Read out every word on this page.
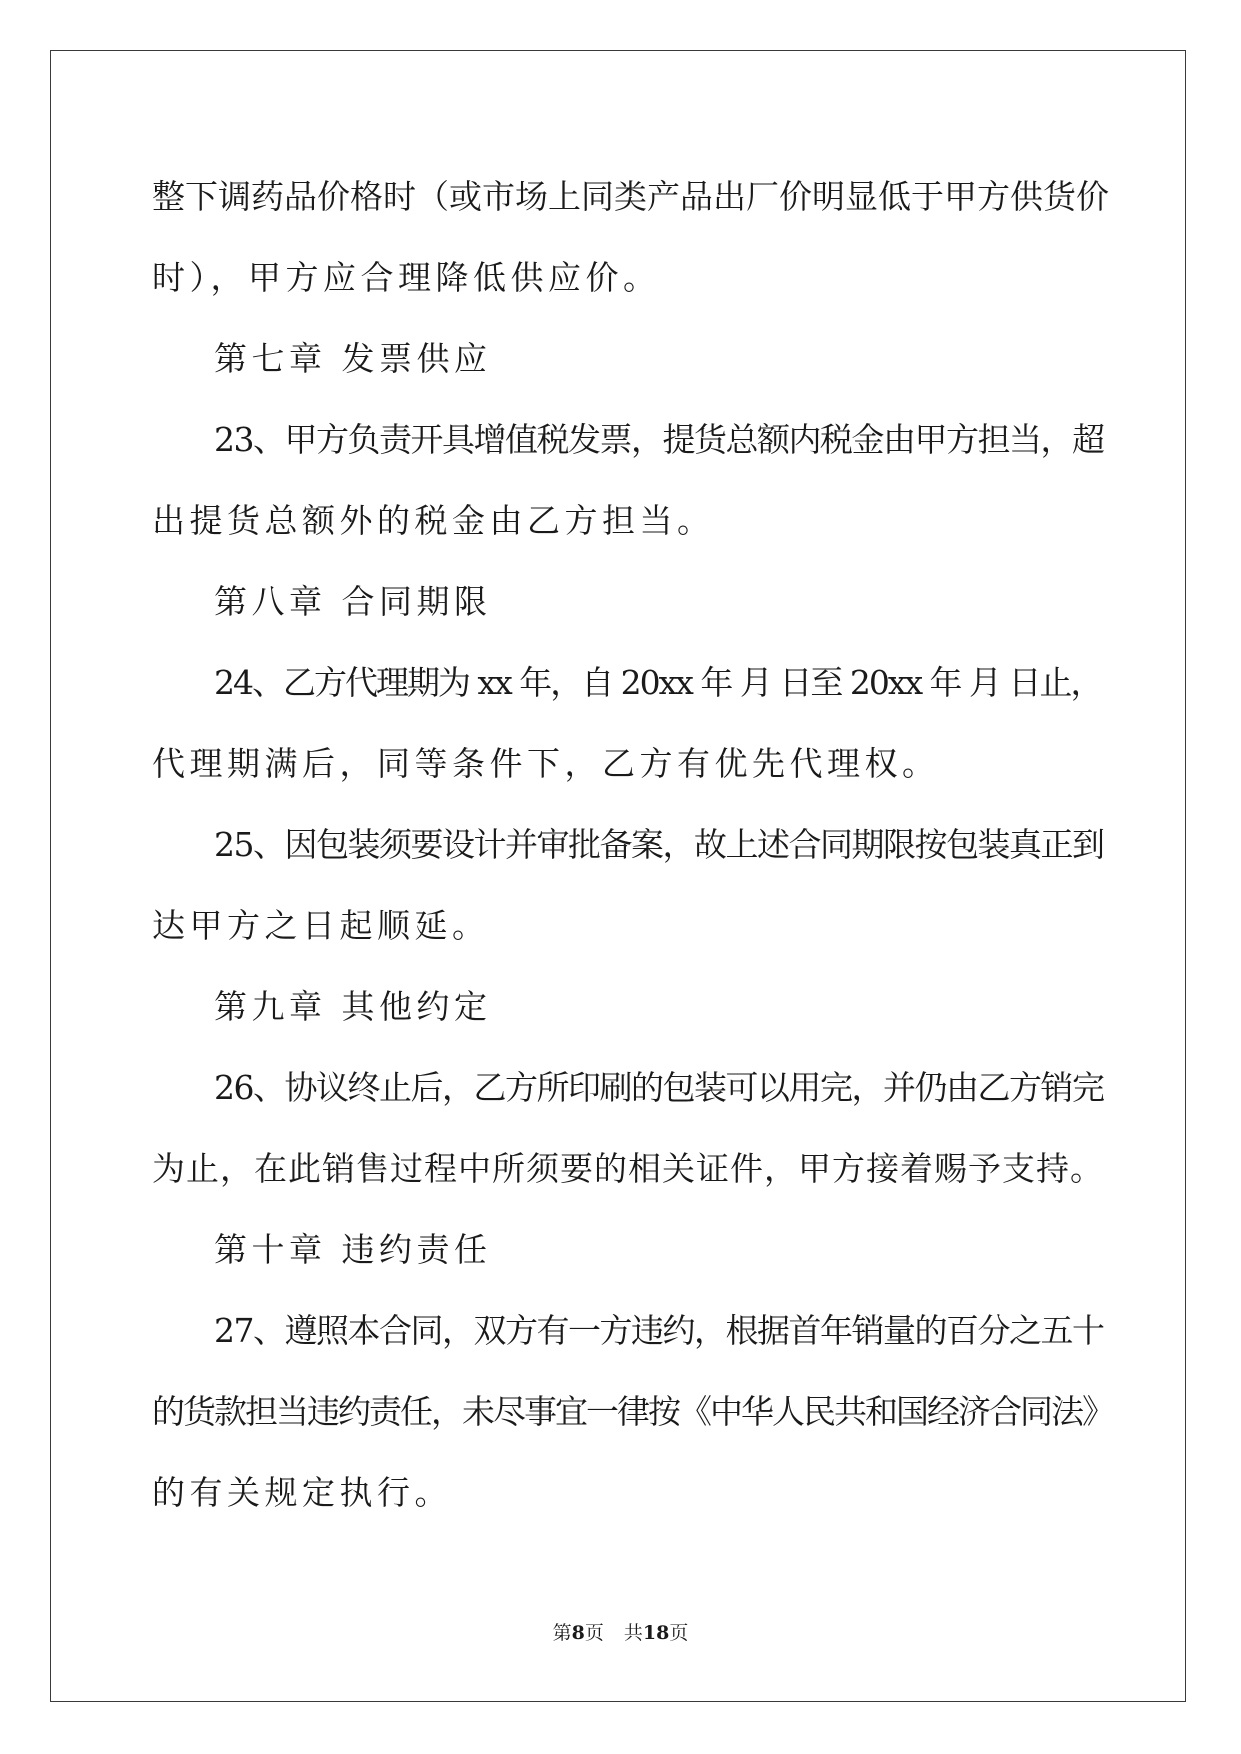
整下调药品价格时（或市场上同类产品出厂价明显低于甲方供货价
时），甲方应合理降低供应价。
第七章 发票供应
23、甲方负责开具增值税发票，提货总额内税金由甲方担当，超
出提货总额外的税金由乙方担当。
第八章 合同期限
24、乙方代理期为 xx 年，自 20xx 年 月 日至 20xx 年 月 日止，
代理期满后，同等条件下，乙方有优先代理权。
25、因包装须要设计并审批备案，故上述合同期限按包装真正到
达甲方之日起顺延。
第九章 其他约定
26、协议终止后，乙方所印刷的包装可以用完，并仍由乙方销完
为止，在此销售过程中所须要的相关证件，甲方接着赐予支持。
第十章 违约责任
27、遵照本合同，双方有一方违约，根据首年销量的百分之五十
的货款担当违约责任，未尽事宜一律按《中华人民共和国经济合同法》
的有关规定执行。
第8页 共18页
